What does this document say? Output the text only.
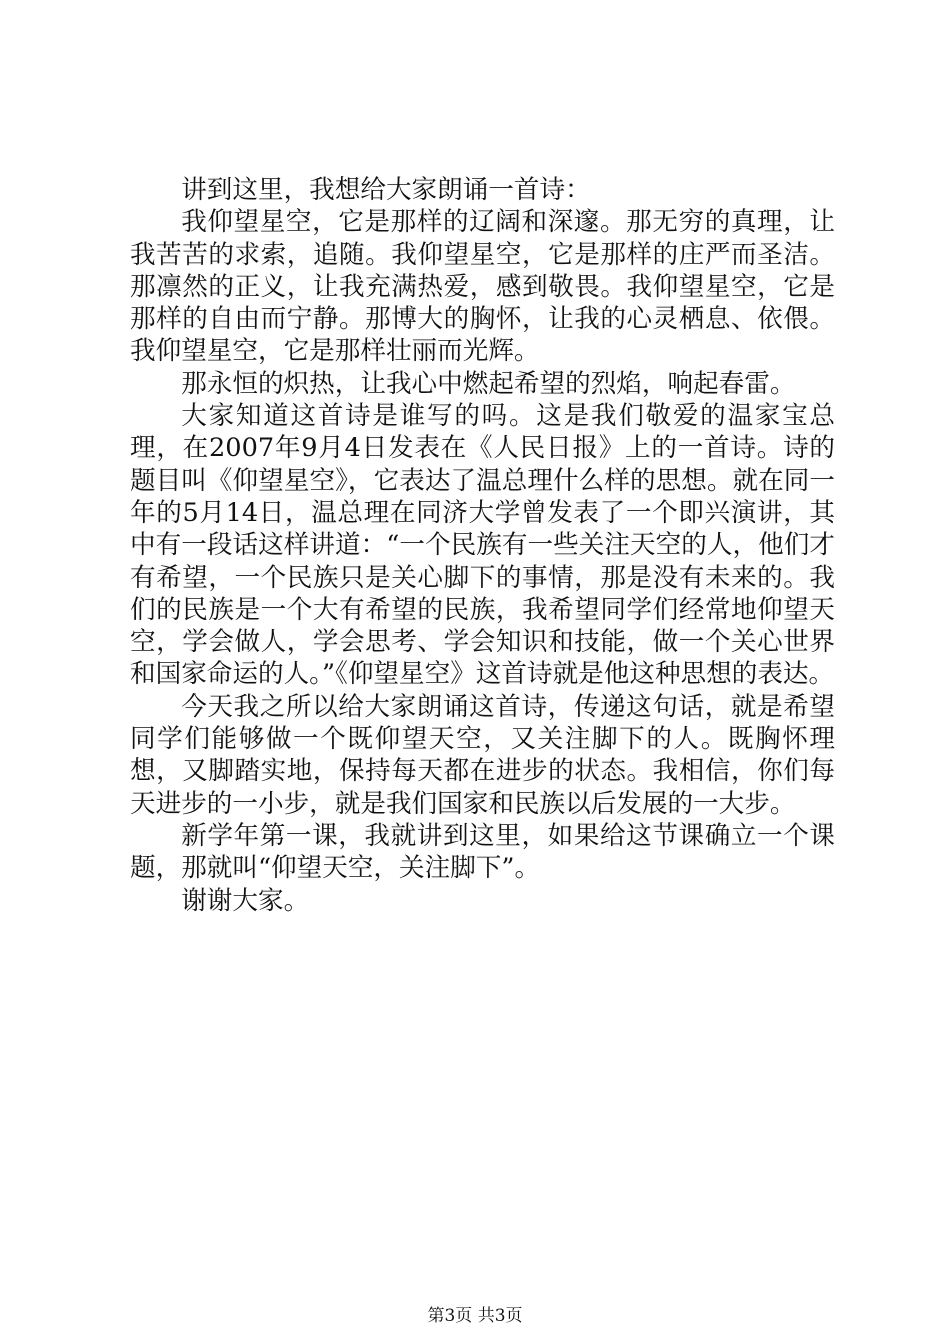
讲到这里，我想给大家朗诵一首诗：

我仰望星空，它是那样的辽阔和深邃。那无穷的真理，让我苦苦的求索，追随。我仰望星空，它是那样的庄严而圣洁。那凛然的正义，让我充满热爱，感到敬畏。我仰望星空，它是那样的自由而宁静。那博大的胸怀，让我的心灵栖息、依偎。我仰望星空，它是那样壮丽而光辉。

那永恒的炽热，让我心中燃起希望的烈焰，响起春雷。

大家知道这首诗是谁写的吗。这是我们敬爱的温家宝总理，在2007年9月4日发表在《人民日报》上的一首诗。诗的题目叫《仰望星空》，它表达了温总理什么样的思想。就在同一年的5月14日，温总理在同济大学曾发表了一个即兴演讲，其中有一段话这样讲道：“一个民族有一些关注天空的人，他们才有希望，一个民族只是关心脚下的事情，那是没有未来的。我们的民族是一个大有希望的民族，我希望同学们经常地仰望天空，学会做人，学会思考、学会知识和技能，做一个关心世界和国家命运的人。”《仰望星空》这首诗就是他这种思想的表达。

今天我之所以给大家朗诵这首诗，传递这句话，就是希望同学们能够做一个既仰望天空，又关注脚下的人。既胸怀理想，又脚踏实地，保持每天都在进步的状态。我相信，你们每天进步的一小步，就是我们国家和民族以后发展的一大步。

新学年第一课，我就讲到这里，如果给这节课确立一个课题，那就叫“仰望天空，关注脚下”。

谢谢大家。

第3页 共3页
